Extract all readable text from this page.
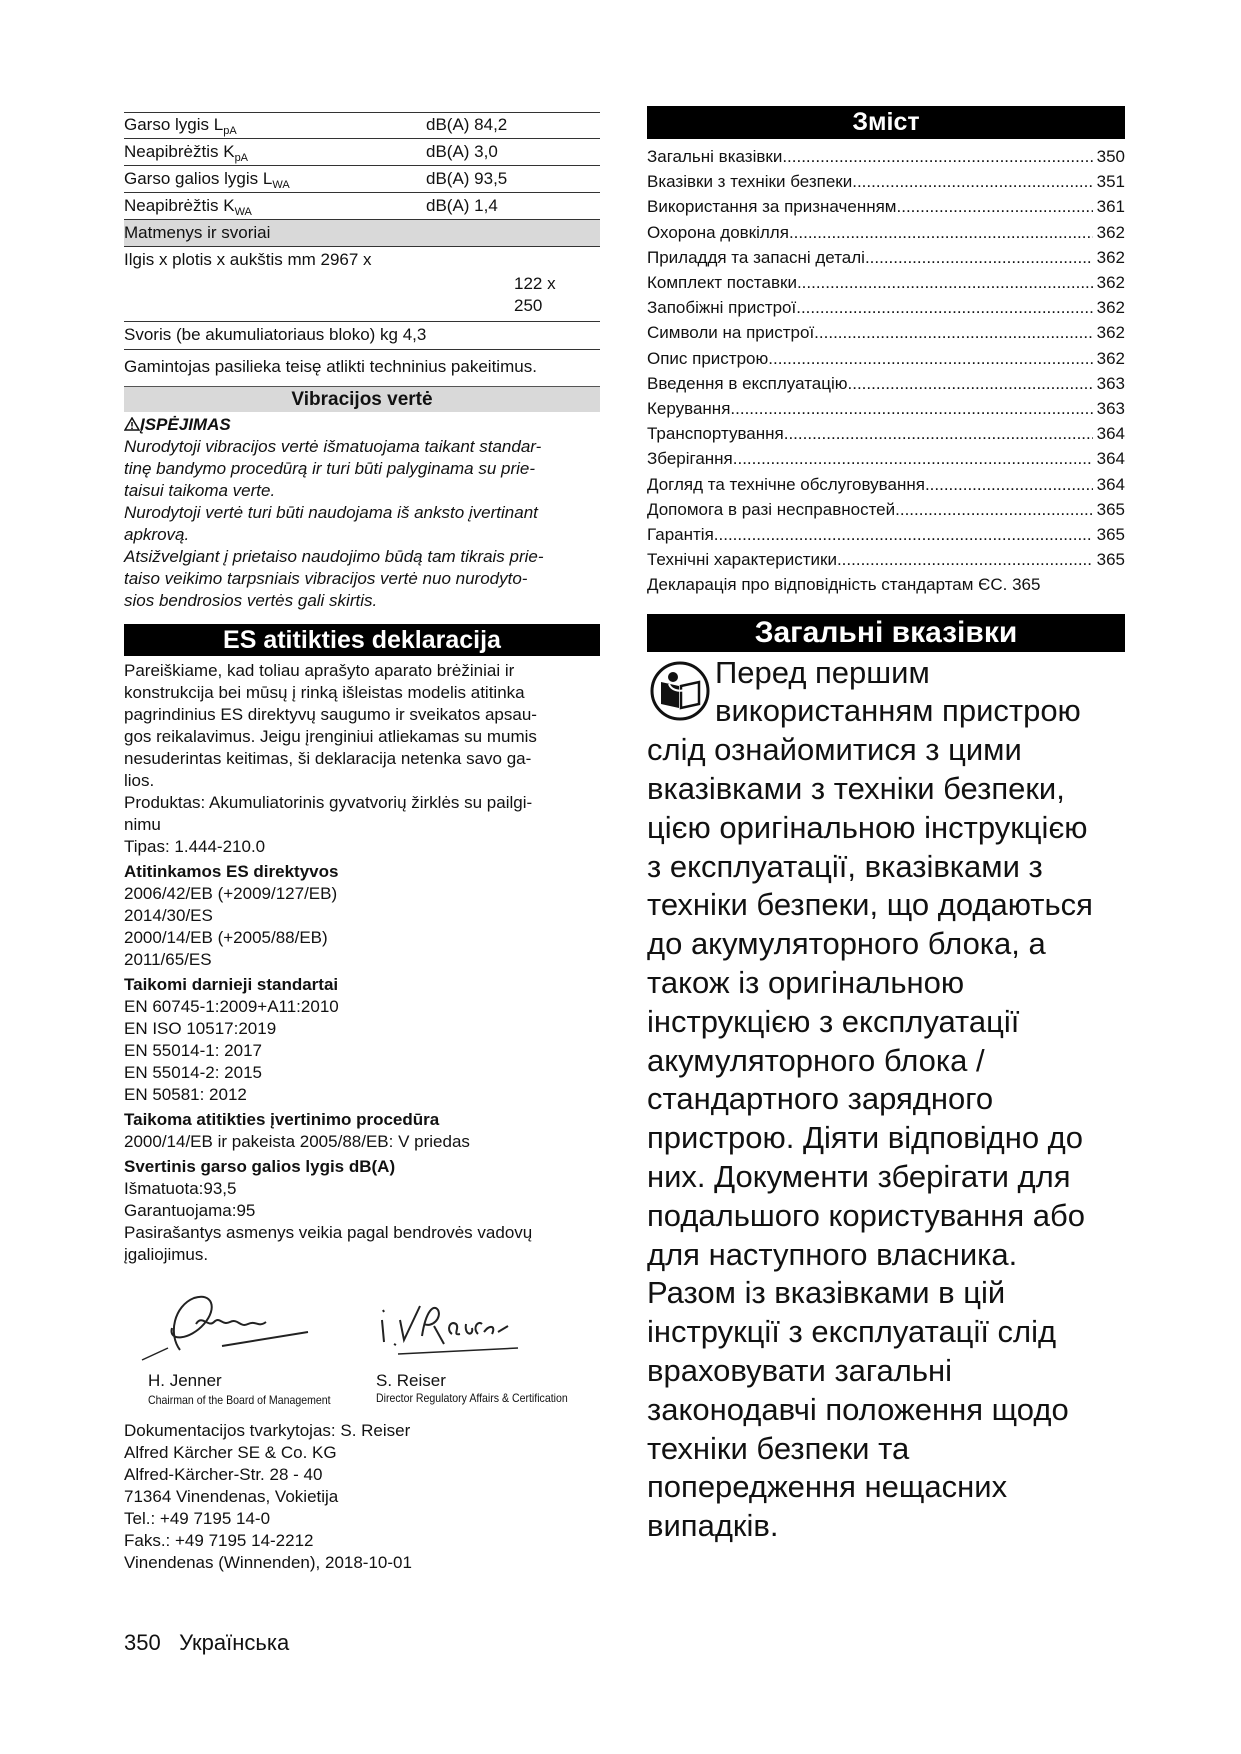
Garso lygis $L_{pA}$	dB(A) 84,2
Neapibrėžtis $K_{pA}$	dB(A) 3,0
Garso galios lygis $L_{WA}$	dB(A) 93,5
Neapibrėžtis $K_{WA}$	dB(A) 1,4
Matmenys ir svoriai
Ilgis x plotis x aukštis mm 2967 x
122 x
250
Svoris (be akumuliatoriaus bloko) kg 4,3
Gamintojas pasilieka teisę atlikti techninius pakeitimus.
Vibracijos vertė
ĮSPĖJIMAS
Nurodytoji vibracijos vertė išmatuojama taikant standar-
tinę bandymo procedūrą ir turi būti palyginama su prie-
taisui taikoma verte.
Nurodytoji vertė turi būti naudojama iš anksto įvertinant
apkrovą.
Atsižvelgiant į prietaiso naudojimo būdą tam tikrais prie-
taiso veikimo tarpsniais vibracijos vertė nuo nurodyto-
sios bendrosios vertės gali skirtis.
ES atitikties deklaracija
Pareiškiame, kad toliau aprašyto aparato brėžiniai ir
konstrukcija bei mūsų į rinką išleistas modelis atitinka
pagrindinius ES direktyvų saugumo ir sveikatos apsau-
gos reikalavimus. Jeigu įrenginiui atliekamas su mumis
nesuderintas keitimas, ši deklaracija netenka savo ga-
lios.
Produktas: Akumuliatorinis gyvatvorių žirklės su pailgi-
nimu
Tipas: 1.444-210.0
Atitinkamos ES direktyvos
2006/42/EB (+2009/127/EB)
2014/30/ES
2000/14/EB (+2005/88/EB)
2011/65/ES
Taikomi darnieji standartai
EN 60745-1:2009+A11:2010
EN ISO 10517:2019
EN 55014-1: 2017
EN 55014-2: 2015
EN 50581: 2012
Taikoma atitikties įvertinimo procedūra
2000/14/EB ir pakeista 2005/88/EB: V priedas
Svertinis garso galios lygis dB(A)
Išmatuota:93,5
Garantuojama:95
Pasirašantys asmenys veikia pagal bendrovės vadovų
įgaliojimus.
H. Jenner
Chairman of the Board of Management
S. Reiser
Director Regulatory Affairs & Certification
Dokumentacijos tvarkytojas: S. Reiser
Alfred Kärcher SE & Co. KG
Alfred-Kärcher-Str. 28 - 40
71364 Vinendenas, Vokietija
Tel.: +49 7195 14-0
Faks.: +49 7195 14-2212
Vinendenas (Winnenden), 2018-10-01
Зміст
Загальні вказівки .....	350
Вказівки з техніки безпеки .....	351
Використання за призначенням .....	361
Охорона довкілля .....	362
Приладдя та запасні деталі .....	362
Комплект поставки .....	362
Запобіжні пристрої .....	362
Символи на пристрої .....	362
Опис пристрою .....	362
Введення в експлуатацію .....	363
Керування .....	363
Транспортування .....	364
Зберігання .....	364
Догляд та технічне обслуговування .....	364
Допомога в разі несправностей .....	365
Гарантія .....	365
Технічні характеристики .....	365
Декларація про відповідність стандартам ЄС. 365
Загальні вказівки
Перед першим
використанням пристрою
слід ознайомитися з цими
вказівками з техніки безпеки,
цією оригінальною інструкцією
з експлуатації, вказівками з
техніки безпеки, що додаються
до акумуляторного блока, а
також із оригінальною
інструкцією з експлуатації
акумуляторного блока /
стандартного зарядного
пристрою. Діяти відповідно до
них. Документи зберігати для
подальшого користування або
для наступного власника.
Разом із вказівками в цій
інструкції з експлуатації слід
враховувати загальні
законодавчі положення щодо
техніки безпеки та
попередження нещасних
випадків.
350 Українська
